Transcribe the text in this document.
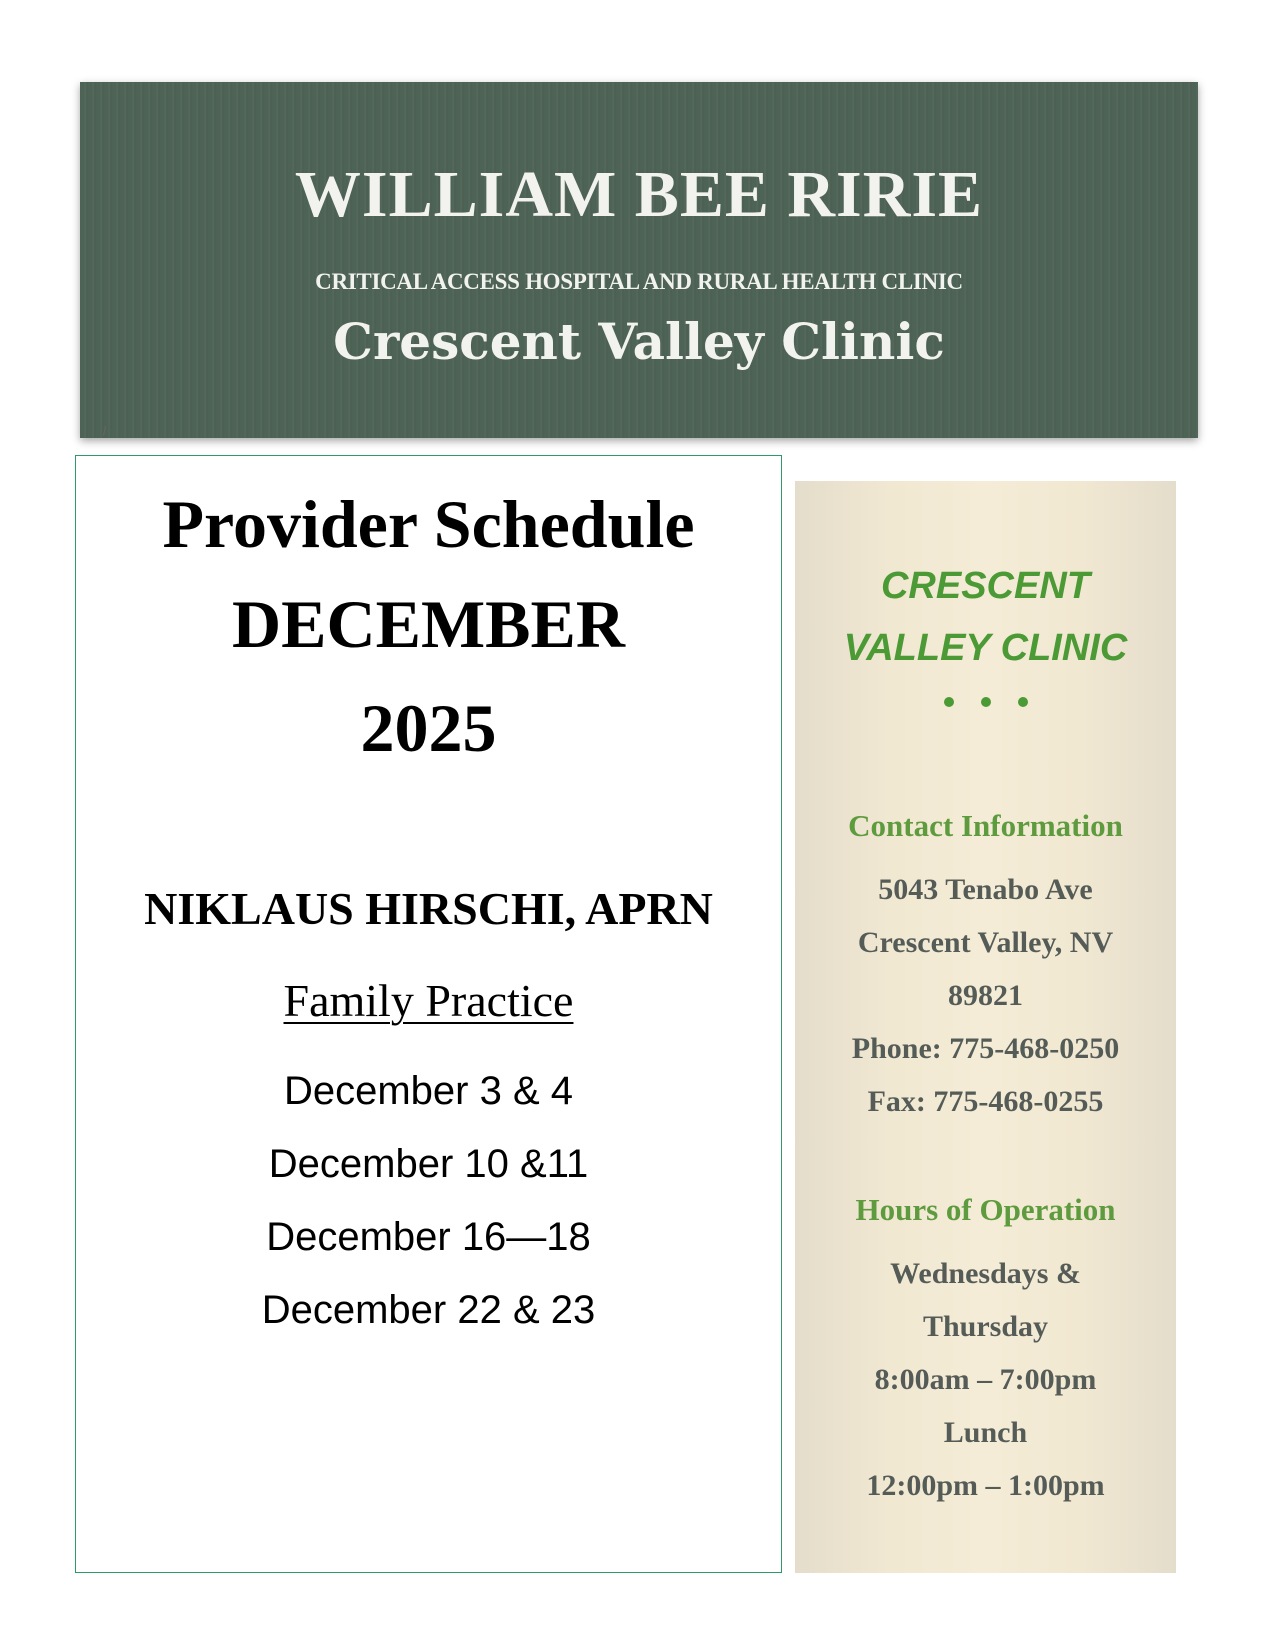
WILLIAM BEE RIRIE
CRITICAL ACCESS HOSPITAL AND RURAL HEALTH CLINIC
Crescent Valley Clinic
Provider Schedule
DECEMBER
2025
NIKLAUS HIRSCHI, APRN
Family Practice
December 3 & 4
December 10 &11
December 16—18
December 22 & 23
CRESCENT
VALLEY CLINIC
Contact Information
5043 Tenabo Ave
Crescent Valley, NV
89821
Phone: 775-468-0250
Fax: 775-468-0255
Hours of Operation
Wednesdays &
Thursday
8:00am – 7:00pm
Lunch
12:00pm – 1:00pm
